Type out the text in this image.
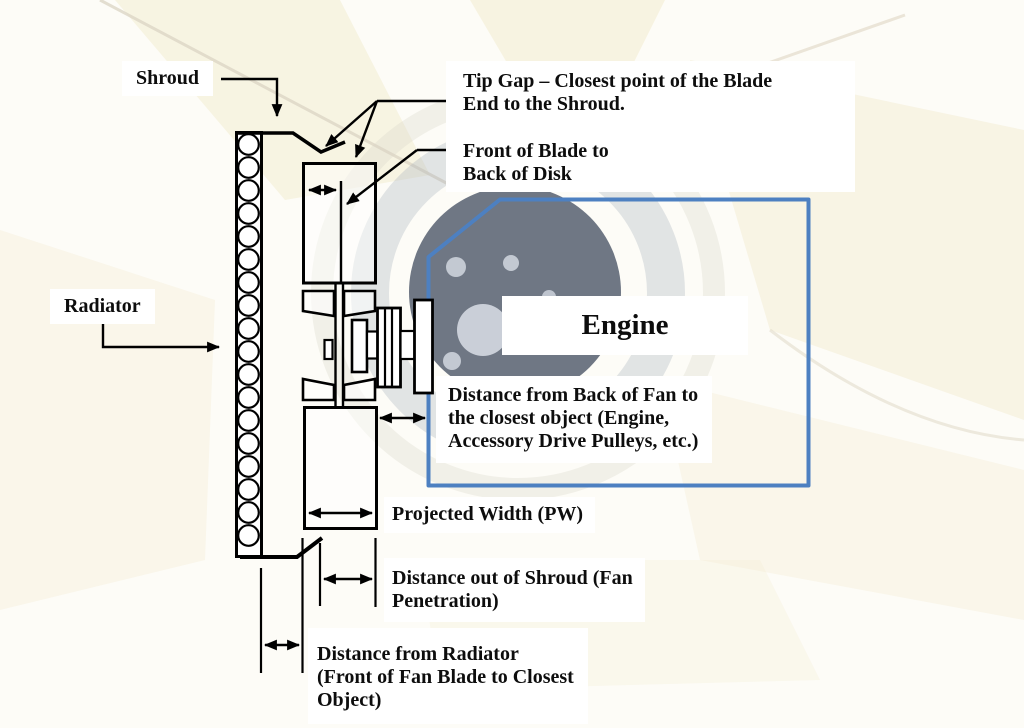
Shroud
Radiator
Tip Gap – Closest point of the Blade
End to the Shroud.
Front of Blade to
Back of Disk
Engine
Distance from Back of Fan to
the closest object (Engine,
Accessory Drive Pulleys, etc.)
Projected Width (PW)
Distance out of Shroud (Fan
Penetration)
Distance from Radiator
(Front of Fan Blade to Closest
Object)
